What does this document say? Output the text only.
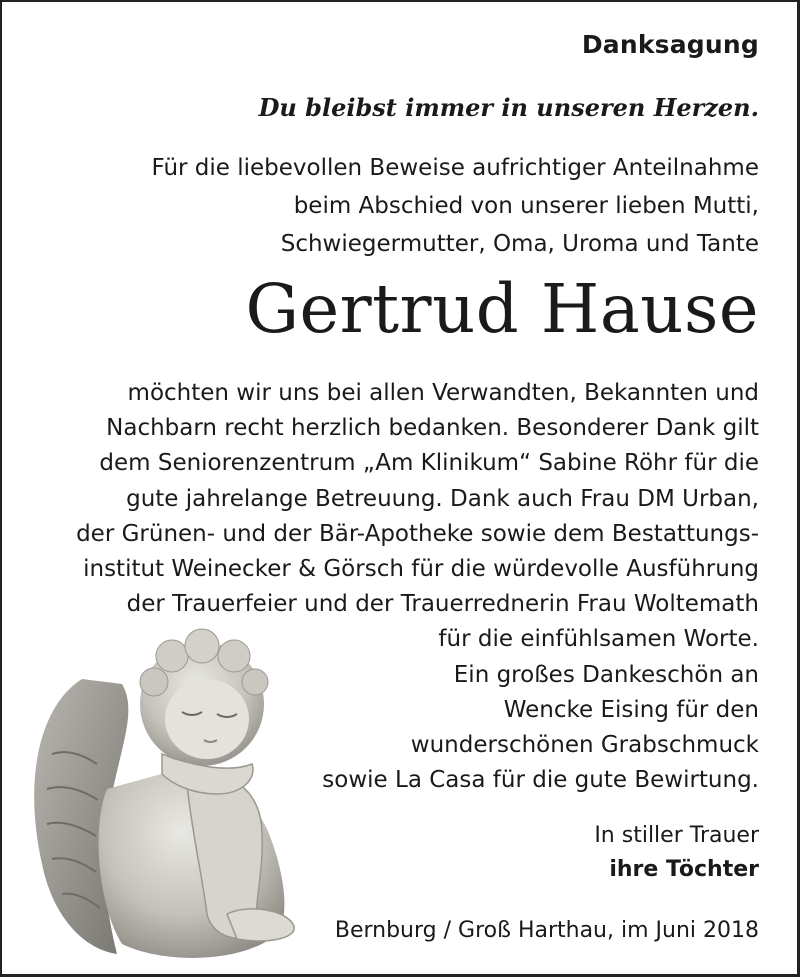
Danksagung
Du bleibst immer in unseren Herzen.
Für die liebevollen Beweise aufrichtiger Anteilnahme
beim Abschied von unserer lieben Mutti,
Schwiegermutter, Oma, Uroma und Tante
Gertrud Hause
möchten wir uns bei allen Verwandten, Bekannten und
Nachbarn recht herzlich bedanken. Besonderer Dank gilt
dem Seniorenzentrum „Am Klinikum“ Sabine Röhr für die
gute jahrelange Betreuung. Dank auch Frau DM Urban,
der Grünen- und der Bär-Apotheke sowie dem Bestattungs-
institut Weinecker & Görsch für die würdevolle Ausführung
der Trauerfeier und der Trauerrednerin Frau Woltemath
für die einfühlsamen Worte.
Ein großes Dankeschön an
Wencke Eising für den
wunderschönen Grabschmuck
sowie La Casa für die gute Bewirtung.
In stiller Trauer
ihre Töchter
Bernburg / Groß Harthau, im Juni 2018
